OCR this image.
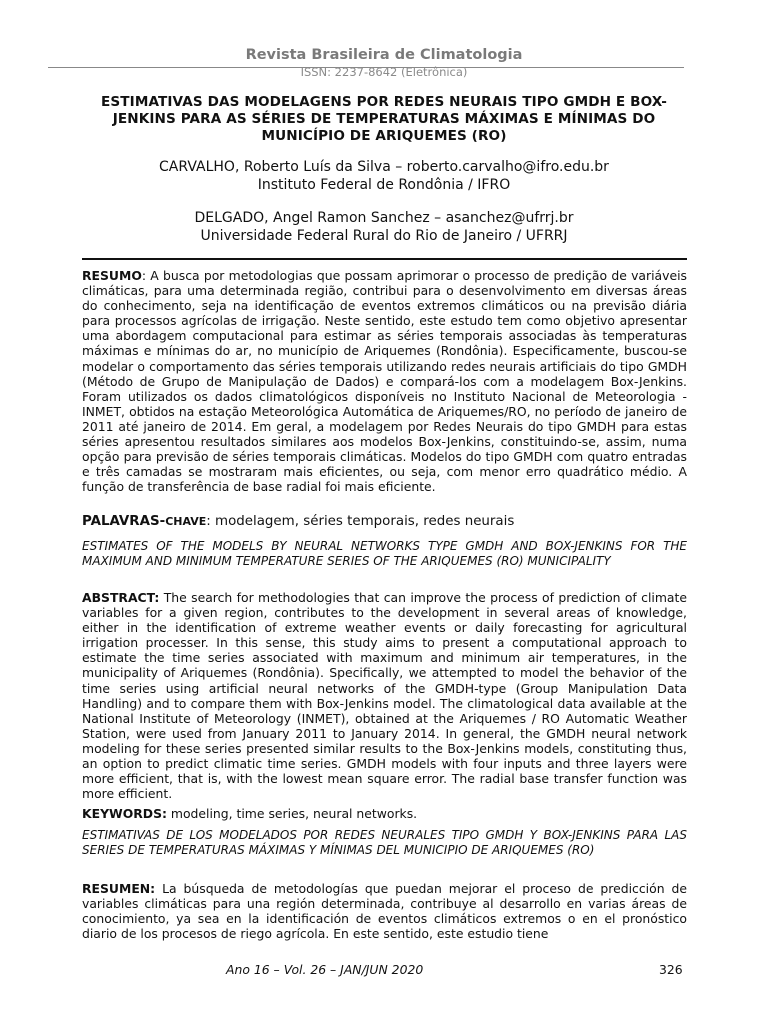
Revista Brasileira de Climatologia
ISSN: 2237-8642 (Eletrônica)
ESTIMATIVAS DAS MODELAGENS POR REDES NEURAIS TIPO GMDH E BOX-JENKINS PARA AS SÉRIES DE TEMPERATURAS MÁXIMAS E MÍNIMAS DO MUNICÍPIO DE ARIQUEMES (RO)
CARVALHO, Roberto Luís da Silva – roberto.carvalho@ifro.edu.br
Instituto Federal de Rondônia / IFRO
DELGADO, Angel Ramon Sanchez – asanchez@ufrrj.br
Universidade Federal Rural do Rio de Janeiro / UFRRJ
RESUMO: A busca por metodologias que possam aprimorar o processo de predição de variáveis climáticas, para uma determinada região, contribui para o desenvolvimento em diversas áreas do conhecimento, seja na identificação de eventos extremos climáticos ou na previsão diária para processos agrícolas de irrigação. Neste sentido, este estudo tem como objetivo apresentar uma abordagem computacional para estimar as séries temporais associadas às temperaturas máximas e mínimas do ar, no município de Ariquemes (Rondônia). Especificamente, buscou-se modelar o comportamento das séries temporais utilizando redes neurais artificiais do tipo GMDH (Método de Grupo de Manipulação de Dados) e compará-los com a modelagem Box-Jenkins. Foram utilizados os dados climatológicos disponíveis no Instituto Nacional de Meteorologia - INMET, obtidos na estação Meteorológica Automática de Ariquemes/RO, no período de janeiro de 2011 até janeiro de 2014. Em geral, a modelagem por Redes Neurais do tipo GMDH para estas séries apresentou resultados similares aos modelos Box-Jenkins, constituindo-se, assim, numa opção para previsão de séries temporais climáticas. Modelos do tipo GMDH com quatro entradas e três camadas se mostraram mais eficientes, ou seja, com menor erro quadrático médio. A função de transferência de base radial foi mais eficiente.
PALAVRAS-CHAVE: modelagem, séries temporais, redes neurais
ESTIMATES OF THE MODELS BY NEURAL NETWORKS TYPE GMDH AND BOX-JENKINS FOR THE MAXIMUM AND MINIMUM TEMPERATURE SERIES OF THE ARIQUEMES (RO) MUNICIPALITY
ABSTRACT: The search for methodologies that can improve the process of prediction of climate variables for a given region, contributes to the development in several areas of knowledge, either in the identification of extreme weather events or daily forecasting for agricultural irrigation processer. In this sense, this study aims to present a computational approach to estimate the time series associated with maximum and minimum air temperatures, in the municipality of Ariquemes (Rondônia). Specifically, we attempted to model the behavior of the time series using artificial neural networks of the GMDH-type (Group Manipulation Data Handling) and to compare them with Box-Jenkins model. The climatological data available at the National Institute of Meteorology (INMET), obtained at the Ariquemes / RO Automatic Weather Station, were used from January 2011 to January 2014. In general, the GMDH neural network modeling for these series presented similar results to the Box-Jenkins models, constituting thus, an option to predict climatic time series. GMDH models with four inputs and three layers were more efficient, that is, with the lowest mean square error. The radial base transfer function was more efficient.
KEYWORDS: modeling, time series, neural networks.
ESTIMATIVAS DE LOS MODELADOS POR REDES NEURALES TIPO GMDH Y BOX-JENKINS PARA LAS SERIES DE TEMPERATURAS MÁXIMAS Y MÍNIMAS DEL MUNICIPIO DE ARIQUEMES (RO)
RESUMEN: La búsqueda de metodologías que puedan mejorar el proceso de predicción de variables climáticas para una región determinada, contribuye al desarrollo en varias áreas de conocimiento, ya sea en la identificación de eventos climáticos extremos o en el pronóstico diario de los procesos de riego agrícola. En este sentido, este estudio tiene
Ano 16 – Vol. 26 – JAN/JUN 2020	326
